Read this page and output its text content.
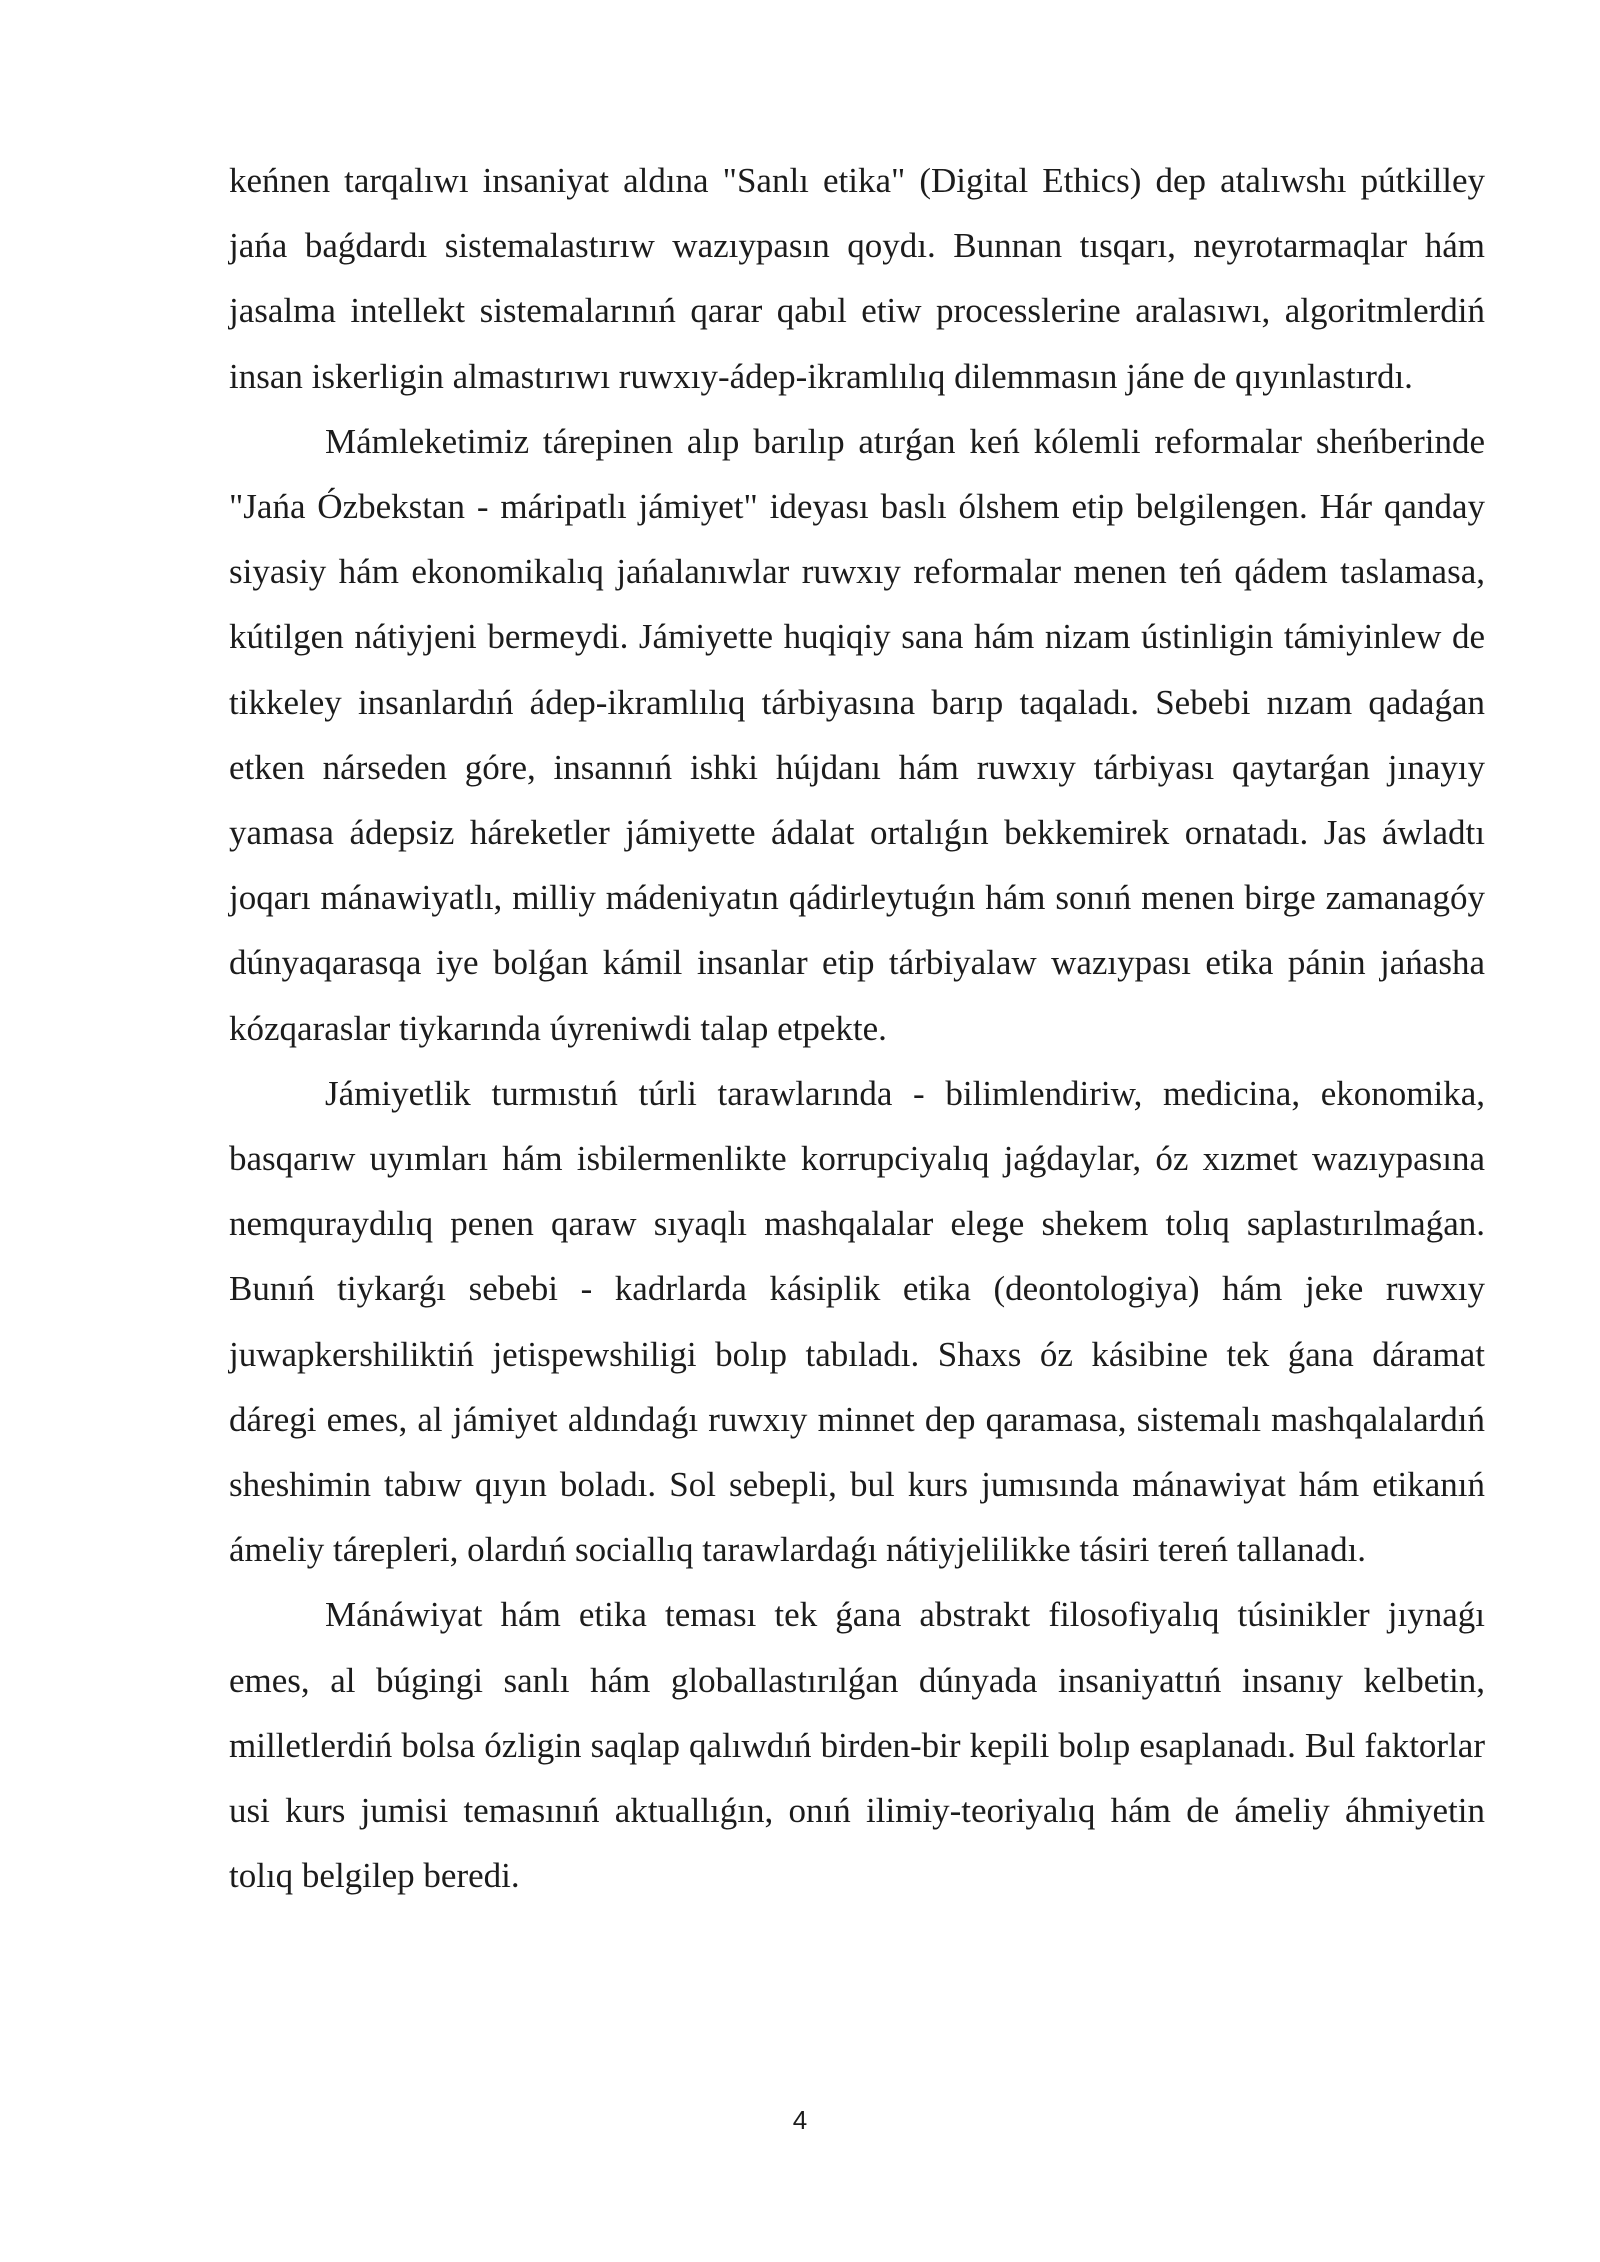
keńnen tarqalıwı insaniyat aldına "Sanlı etika" (Digital Ethics) dep atalıwshı pútkilley jańa baǵdardı sistemalastırıw wazıypasın qoydı. Bunnan tısqarı, neyrotarmaqlar hám jasalma intellekt sistemalarınıń qarar qabıl etiw processlerine aralasıwı, algoritmlerdiń insan iskerligin almastırıwı ruwxıy-ádep-ikramlılıq dilemmasın jáne de qıyınlastırdı.

Mámleketimiz tárepinen alıp barılıp atırǵan keń kólemli reformalar sheńberinde "Jańa Ózbekstan - máripatlı jámiyet" ideyası baslı ólshem etip belgilengen. Hár qanday siyasiy hám ekonomikalıq jańalanıwlar ruwxıy reformalar menen teń qádem taslamasa, kútilgen nátiyjeni bermeydi. Jámiyette huqiqiy sana hám nizam ústinligin támiyinlew de tikkeley insanlardıń ádep-ikramlılıq tárbiyasına barıp taqaladı. Sebebi nızam qadaǵan etken nárseden góre, insannıń ishki hújdanı hám ruwxıy tárbiyası qaytarǵan jınayıy yamasa ádepsiz háreketler jámiyette ádalat ortalıǵın bekkemirek ornatadı. Jas áwladtı joqarı mánawiyatlı, milliy mádeniyatın qádirleytuǵın hám sonıń menen birge zamanagóy dúnyaqarasqa iye bolǵan kámil insanlar etip tárbiyalaw wazıypası etika pánin jańasha kózqaraslar tiykarında úyreniwdi talap etpekte.

Jámiyetlik turmıstıń túrli tarawlarında - bilimlendiriw, medicina, ekonomika, basqarıw uyımları hám isbilermenlikte korrupciyalıq jaǵdaylar, óz xızmet wazıypasına nemquraydılıq penen qaraw sıyaqlı mashqalalar elege shekem tolıq saplastırılmaǵan. Bunıń tiykarǵı sebebi - kadrlarda kásiplik etika (deontologiya) hám jeke ruwxıy juwapkershiliktiń jetispewshiligi bolıp tabıladı. Shaxs óz kásibine tek ǵana dáramat dáregi emes, al jámiyet aldındaǵı ruwxıy minnet dep qaramasa, sistemalı mashqalalardıń sheshimin tabıw qıyın boladı. Sol sebepli, bul kurs jumısında mánawiyat hám etikanıń ámeliy tárepleri, olardıń sociallıq tarawlardaǵı nátiyjelilikke tásiri tereń tallanadı.

Mánáwiyat hám etika teması tek ǵana abstrakt filosofiyalıq túsinikler jıynaǵı emes, al búgingi sanlı hám globallastırılǵan dúnyada insaniyattıń insanıy kelbetin, milletlerdiń bolsa ózligin saqlap qalıwdıń birden-bir kepili bolıp esaplanadı. Bul faktorlar usi kurs jumisi temasınıń aktuallıǵın, onıń ilimiy-teoriyalıq hám de ámeliy áhmiyetin tolıq belgilep beredi.

4
